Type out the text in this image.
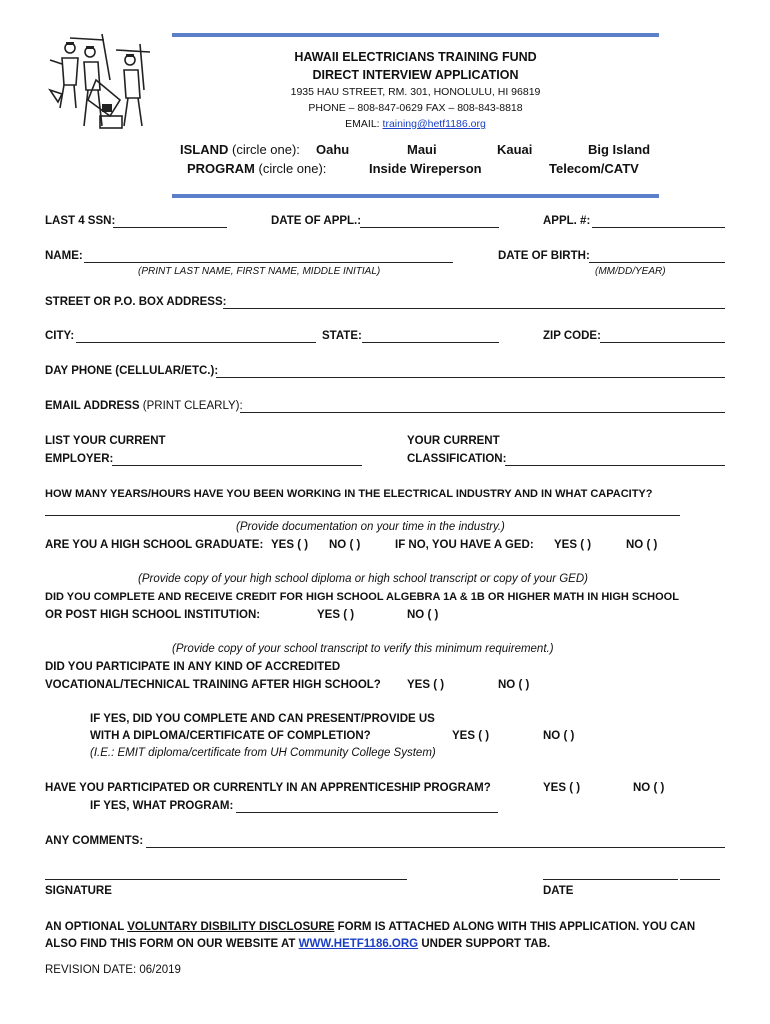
HAWAII ELECTRICIANS TRAINING FUND
DIRECT INTERVIEW APPLICATION
1935 HAU STREET, RM. 301, HONOLULU, HI 96819
PHONE – 808-847-0629 FAX – 808-843-8818
EMAIL: training@hetf1186.org
ISLAND (circle one): Oahu	Maui	Kauai	Big Island
PROGRAM (circle one):	Inside Wireperson	Telecom/CATV
LAST 4 SSN:	DATE OF APPL.:	APPL. #:
NAME:
(PRINT LAST NAME, FIRST NAME, MIDDLE INITIAL)
DATE OF BIRTH:
(MM/DD/YEAR)
STREET OR P.O. BOX ADDRESS:
CITY:	STATE:	ZIP CODE:
DAY PHONE (CELLULAR/ETC.):
EMAIL ADDRESS (PRINT CLEARLY):
LIST YOUR CURRENT
EMPLOYER:
YOUR CURRENT
CLASSIFICATION:
HOW MANY YEARS/HOURS HAVE YOU BEEN WORKING IN THE ELECTRICAL INDUSTRY AND IN WHAT CAPACITY?
(Provide documentation on your time in the industry.)
ARE YOU A HIGH SCHOOL GRADUATE: YES ( ) NO ( )	IF NO, YOU HAVE A GED: YES ( )	NO ( )
(Provide copy of your high school diploma or high school transcript or copy of your GED)
DID YOU COMPLETE AND RECEIVE CREDIT FOR HIGH SCHOOL ALGEBRA 1A & 1B OR HIGHER MATH IN HIGH SCHOOL
OR POST HIGH SCHOOL INSTITUTION:	YES ( )	NO ( )
(Provide copy of your school transcript to verify this minimum requirement.)
DID YOU PARTICIPATE IN ANY KIND OF ACCREDITED
VOCATIONAL/TECHNICAL TRAINING AFTER HIGH SCHOOL? YES ( )	NO ( )
IF YES, DID YOU COMPLETE AND CAN PRESENT/PROVIDE US
WITH A DIPLOMA/CERTIFICATE OF COMPLETION?	YES ( )	NO ( )
(I.E.: EMIT diploma/certificate from UH Community College System)
HAVE YOU PARTICIPATED OR CURRENTLY IN AN APPRENTICESHIP PROGRAM?	YES ( )	NO ( )
IF YES, WHAT PROGRAM:
ANY COMMENTS:
SIGNATURE	DATE
AN OPTIONAL VOLUNTARY DISBILITY DISCLOSURE FORM IS ATTACHED ALONG WITH THIS APPLICATION. YOU CAN
ALSO FIND THIS FORM ON OUR WEBSITE AT WWW.HETF1186.ORG UNDER SUPPORT TAB.
REVISION DATE: 06/2019
